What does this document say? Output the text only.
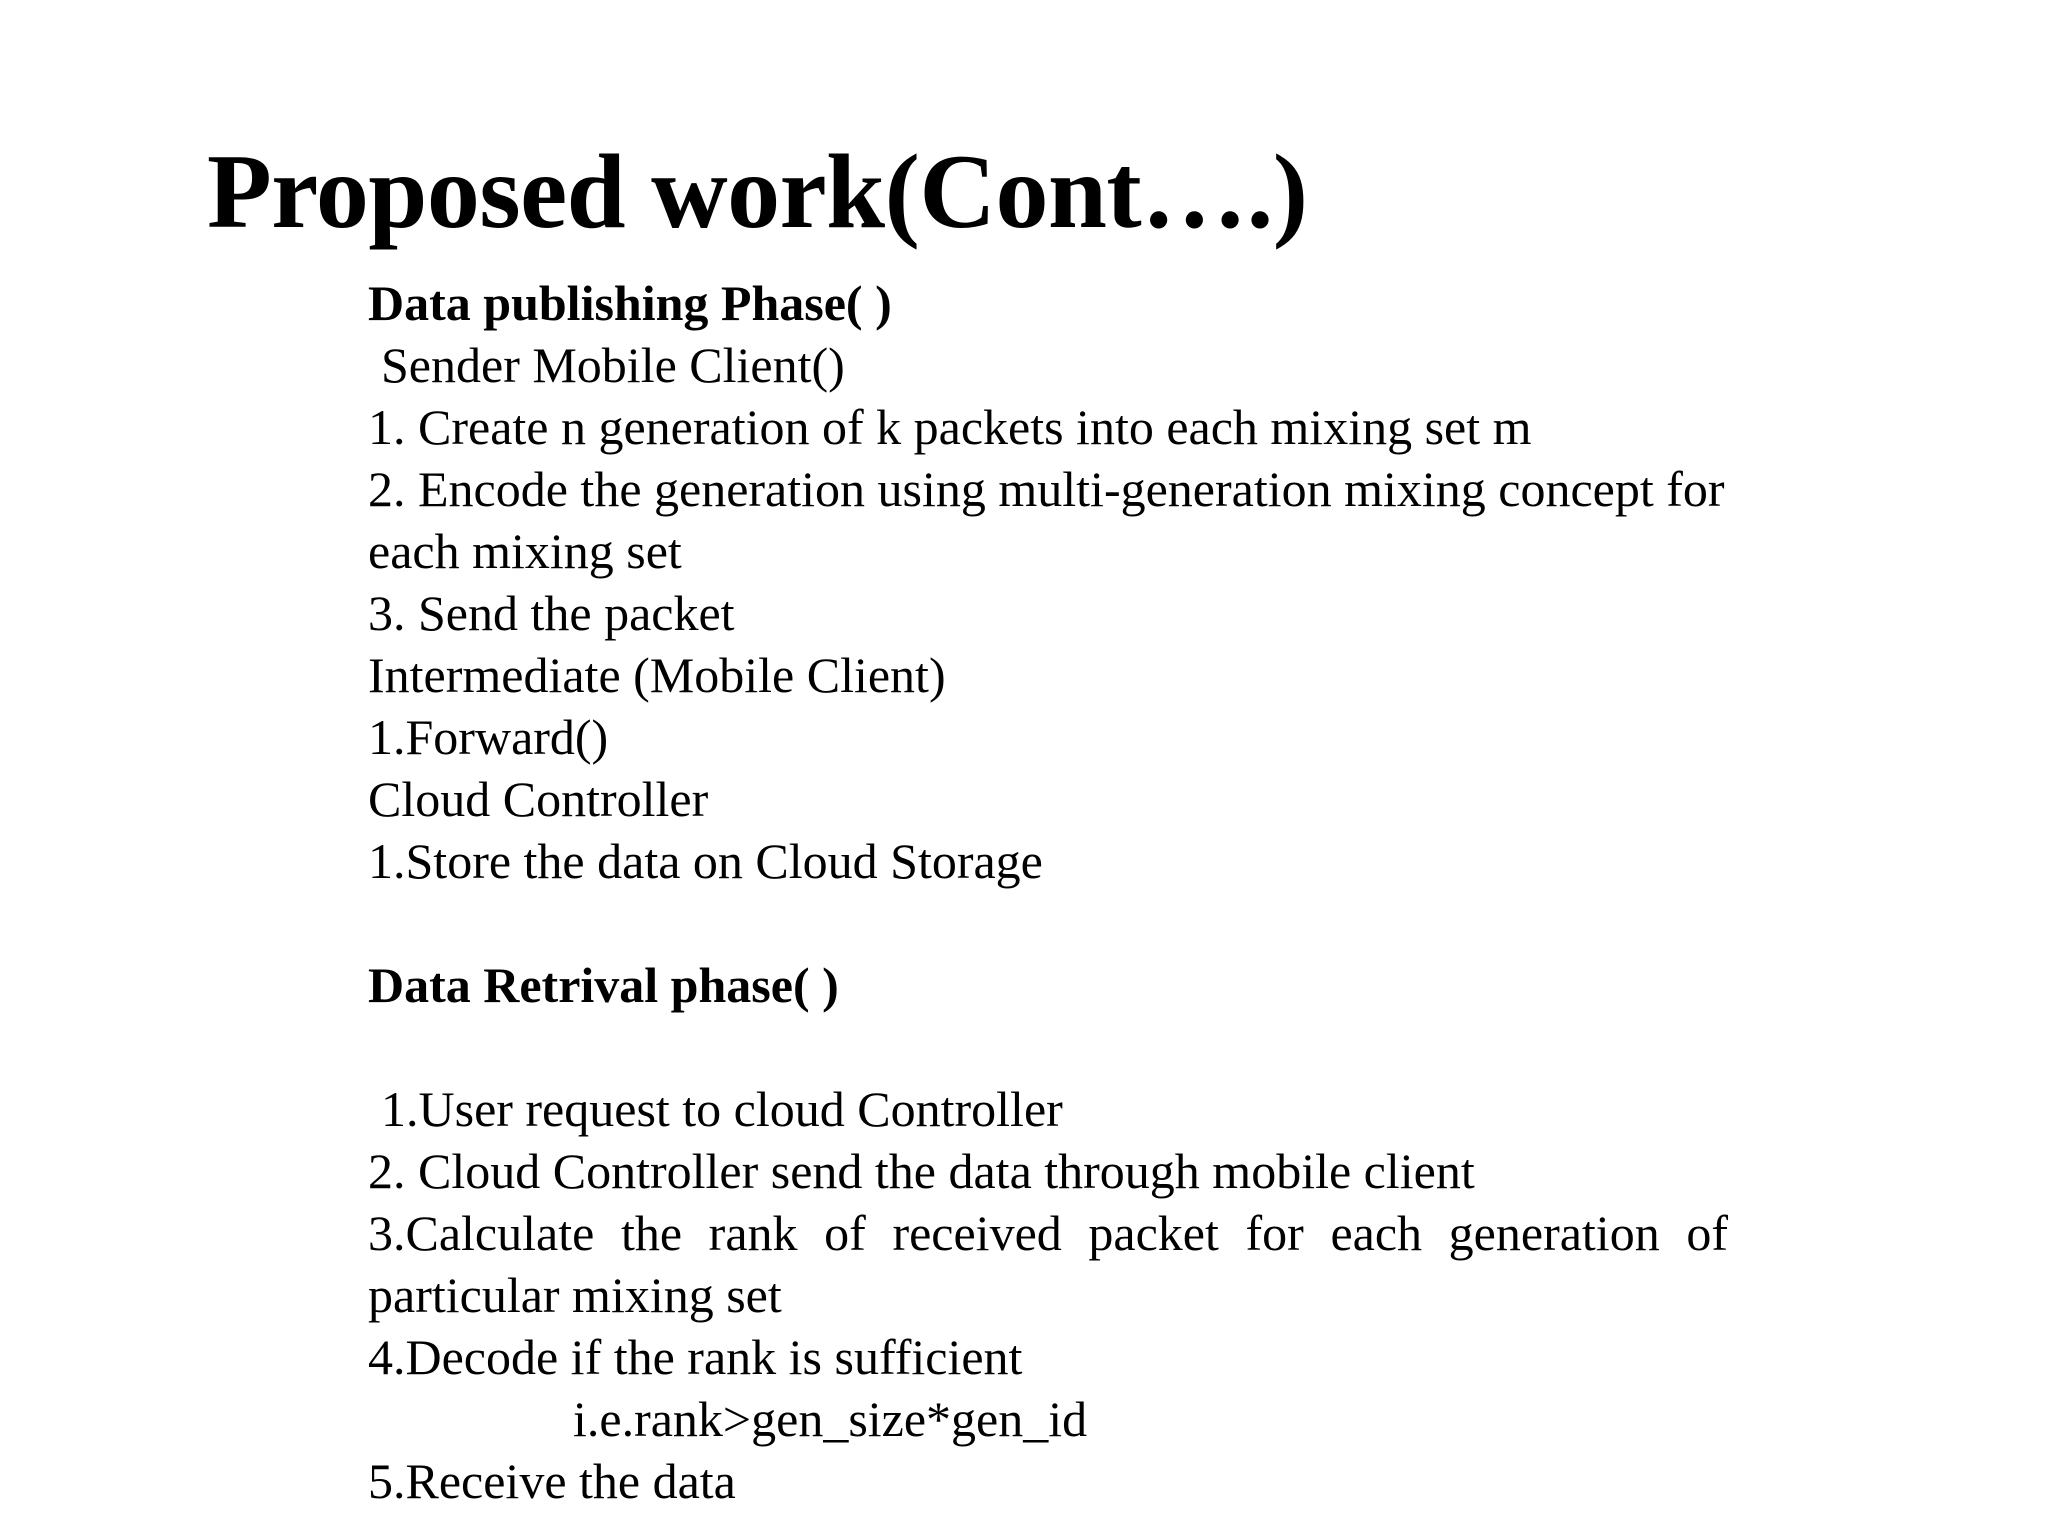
Proposed work(Cont….)
Data publishing Phase( )
Sender Mobile Client()
1. Create n generation of k packets into each mixing set m
2. Encode the generation using multi-generation mixing concept for each mixing set
3. Send the packet
Intermediate (Mobile Client)
1.Forward()
Cloud Controller
1.Store the data on Cloud Storage
Data Retrival phase( )
1.User request to cloud Controller
2. Cloud Controller send the data through mobile client
3.Calculate the rank of received packet for each generation of particular mixing set
4.Decode if the rank is sufficient
i.e.rank>gen_size*gen_id
5.Receive the data
